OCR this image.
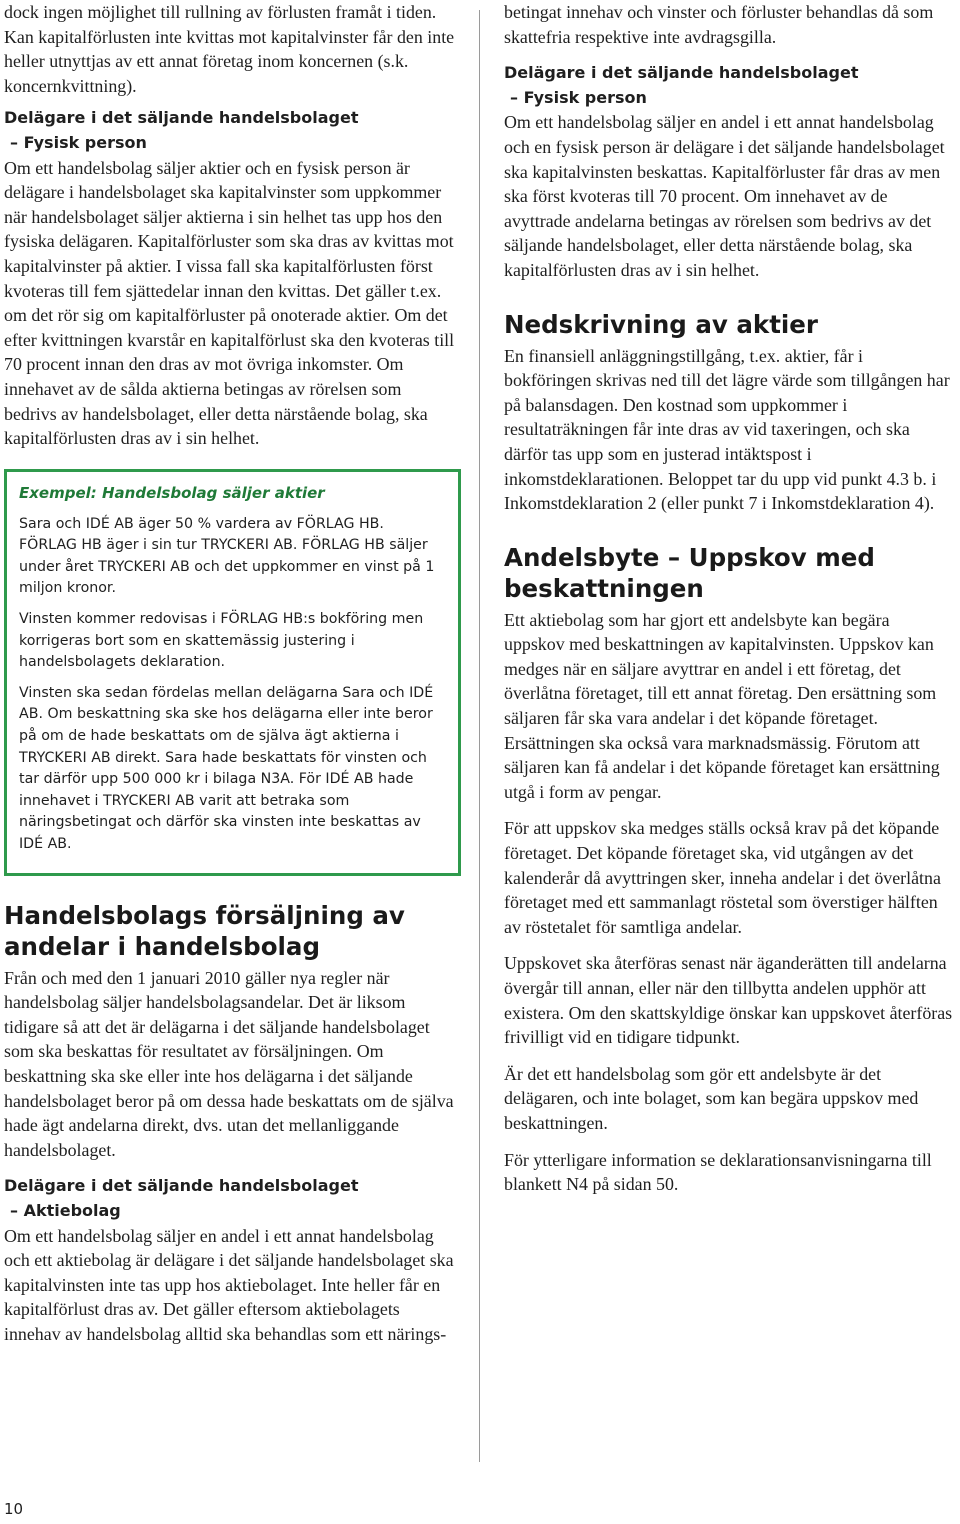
dock ingen möjlighet till rullning av förlusten framåt i tiden. Kan kapitalförlusten inte kvittas mot kapitalvinster får den inte heller utnyttjas av ett annat företag inom koncernen (s.k. koncernkvittning).

Delägare i det säljande handelsbolaget
– Fysisk person

Om ett handelsbolag säljer aktier och en fysisk person är delägare i handelsbolaget ska kapitalvinster som uppkommer när handelsbolaget säljer aktierna i sin helhet tas upp hos den fysiska delägaren. Kapitalförluster som ska dras av kvittas mot kapitalvinster på aktier. I vissa fall ska kapitalförlusten först kvoteras till fem sjättedelar innan den kvittas. Det gäller t.ex. om det rör sig om kapitalförluster på onoterade aktier. Om det efter kvittningen kvarstår en kapitalförlust ska den kvoteras till 70 procent innan den dras av mot övriga inkomster. Om innehavet av de sålda aktierna betingas av rörelsen som bedrivs av handelsbolaget, eller detta närstående bolag, ska kapitalförlusten dras av i sin helhet.

Exempel: Handelsbolag säljer aktier

Sara och IDÉ AB äger 50 % vardera av FÖRLAG HB. FÖRLAG HB äger i sin tur TRYCKERI AB. FÖRLAG HB säljer under året TRYCKERI AB och det uppkommer en vinst på 1 miljon kronor.

Vinsten kommer redovisas i FÖRLAG HB:s bokföring men korrigeras bort som en skattemässig justering i handelsbolagets deklaration.

Vinsten ska sedan fördelas mellan delägarna Sara och IDÉ AB. Om beskattning ska ske hos delägarna eller inte beror på om de hade beskattats om de själva ägt aktierna i TRYCKERI AB direkt. Sara hade beskattats för vinsten och tar därför upp 500 000 kr i bilaga N3A. För IDÉ AB hade innehavet i TRYCKERI AB varit att betraka som näringsbetingat och därför ska vinsten inte beskattas av IDÉ AB.

Handelsbolags försäljning av andelar i handelsbolag

Från och med den 1 januari 2010 gäller nya regler när handelsbolag säljer handelsbolagsandelar. Det är liksom tidigare så att det är delägarna i det säljande handelsbolaget som ska beskattas för resultatet av försäljningen. Om beskattning ska ske eller inte hos delägarna i det säljande handelsbolaget beror på om dessa hade beskattats om de själva hade ägt andelarna direkt, dvs. utan det mellanliggande handelsbolaget.

Delägare i det säljande handelsbolaget
– Aktiebolag

Om ett handelsbolag säljer en andel i ett annat handelsbolag och ett aktiebolag är delägare i det säljande handelsbolaget ska kapitalvinsten inte tas upp hos aktiebolaget. Inte heller får en kapitalförlust dras av. Det gäller eftersom aktiebolagets innehav av handelsbolag alltid ska behandlas som ett närings-

betingat innehav och vinster och förluster behandlas då som skattefria respektive inte avdragsgilla.

Delägare i det säljande handelsbolaget
– Fysisk person

Om ett handelsbolag säljer en andel i ett annat handelsbolag och en fysisk person är delägare i det säljande handelsbolaget ska kapitalvinsten beskattas. Kapitalförluster får dras av men ska först kvoteras till 70 procent. Om innehavet av de avyttrade andelarna betingas av rörelsen som bedrivs av det säljande handelsbolaget, eller detta närstående bolag, ska kapitalförlusten dras av i sin helhet.

Nedskrivning av aktier

En finansiell anläggningstillgång, t.ex. aktier, får i bokföringen skrivas ned till det lägre värde som tillgången har på balansdagen. Den kostnad som uppkommer i resultaträkningen får inte dras av vid taxeringen, och ska därför tas upp som en justerad intäktspost i inkomstdeklarationen. Beloppet tar du upp vid punkt 4.3 b. i Inkomstdeklaration 2 (eller punkt 7 i Inkomstdeklaration 4).

Andelsbyte – Uppskov med beskattningen

Ett aktiebolag som har gjort ett andelsbyte kan begära uppskov med beskattningen av kapitalvinsten. Uppskov kan medges när en säljare avyttrar en andel i ett företag, det överlåtna företaget, till ett annat företag. Den ersättning som säljaren får ska vara andelar i det köpande företaget. Ersättningen ska också vara marknadsmässig. Förutom att säljaren kan få andelar i det köpande företaget kan ersättning utgå i form av pengar.

För att uppskov ska medges ställs också krav på det köpande företaget. Det köpande företaget ska, vid utgången av det kalenderår då avyttringen sker, inneha andelar i det överlåtna företaget med ett sammanlagt röstetal som överstiger hälften av röstetalet för samtliga andelar.

Uppskovet ska återföras senast när äganderätten till andelarna övergår till annan, eller när den tillbytta andelen upphör att existera. Om den skattskyldige önskar kan uppskovet återföras frivilligt vid en tidigare tidpunkt.

Är det ett handelsbolag som gör ett andelsbyte är det delägaren, och inte bolaget, som kan begära uppskov med beskattningen.

För ytterligare information se deklarationsanvisningarna till blankett N4 på sidan 50.

10
